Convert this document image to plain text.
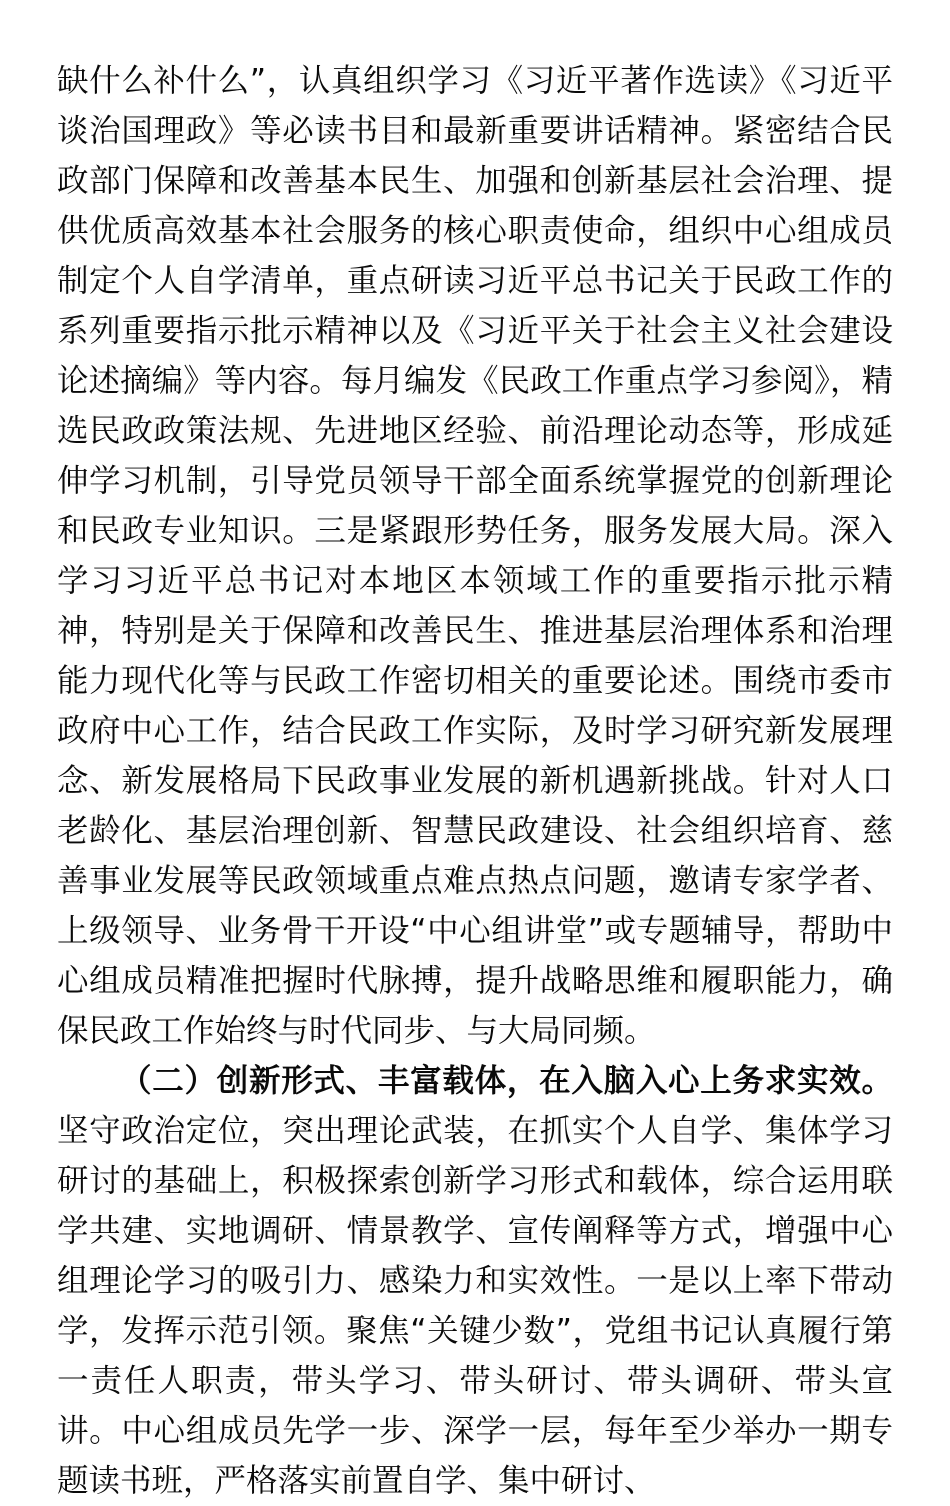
缺什么补什么”，认真组织学习《习近平著作选读》《习近平谈治国理政》等必读书目和最新重要讲话精神。紧密结合民政部门保障和改善基本民生、加强和创新基层社会治理、提供优质高效基本社会服务的核心职责使命，组织中心组成员制定个人自学清单，重点研读习近平总书记关于民政工作的系列重要指示批示精神以及《习近平关于社会主义社会建设论述摘编》等内容。每月编发《民政工作重点学习参阅》，精选民政政策法规、先进地区经验、前沿理论动态等，形成延伸学习机制，引导党员领导干部全面系统掌握党的创新理论和民政专业知识。三是紧跟形势任务，服务发展大局。深入学习习近平总书记对本地区本领域工作的重要指示批示精神，特别是关于保障和改善民生、推进基层治理体系和治理能力现代化等与民政工作密切相关的重要论述。围绕市委市政府中心工作，结合民政工作实际，及时学习研究新发展理念、新发展格局下民政事业发展的新机遇新挑战。针对人口老龄化、基层治理创新、智慧民政建设、社会组织培育、慈善事业发展等民政领域重点难点热点问题，邀请专家学者、上级领导、业务骨干开设“中心组讲堂”或专题辅导，帮助中心组成员精准把握时代脉搏，提升战略思维和履职能力，确保民政工作始终与时代同步、与大局同频。

（二）创新形式、丰富载体，在入脑入心上务求实效。坚守政治定位，突出理论武装，在抓实个人自学、集体学习研讨的基础上，积极探索创新学习形式和载体，综合运用联学共建、实地调研、情景教学、宣传阐释等方式，增强中心组理论学习的吸引力、感染力和实效性。一是以上率下带动学，发挥示范引领。聚焦“关键少数”，党组书记认真履行第一责任人职责，带头学习、带头研讨、带头调研、带头宣讲。中心组成员先学一步、深学一层，每年至少举办一期专题读书班，严格落实前置自学、集中研讨、
